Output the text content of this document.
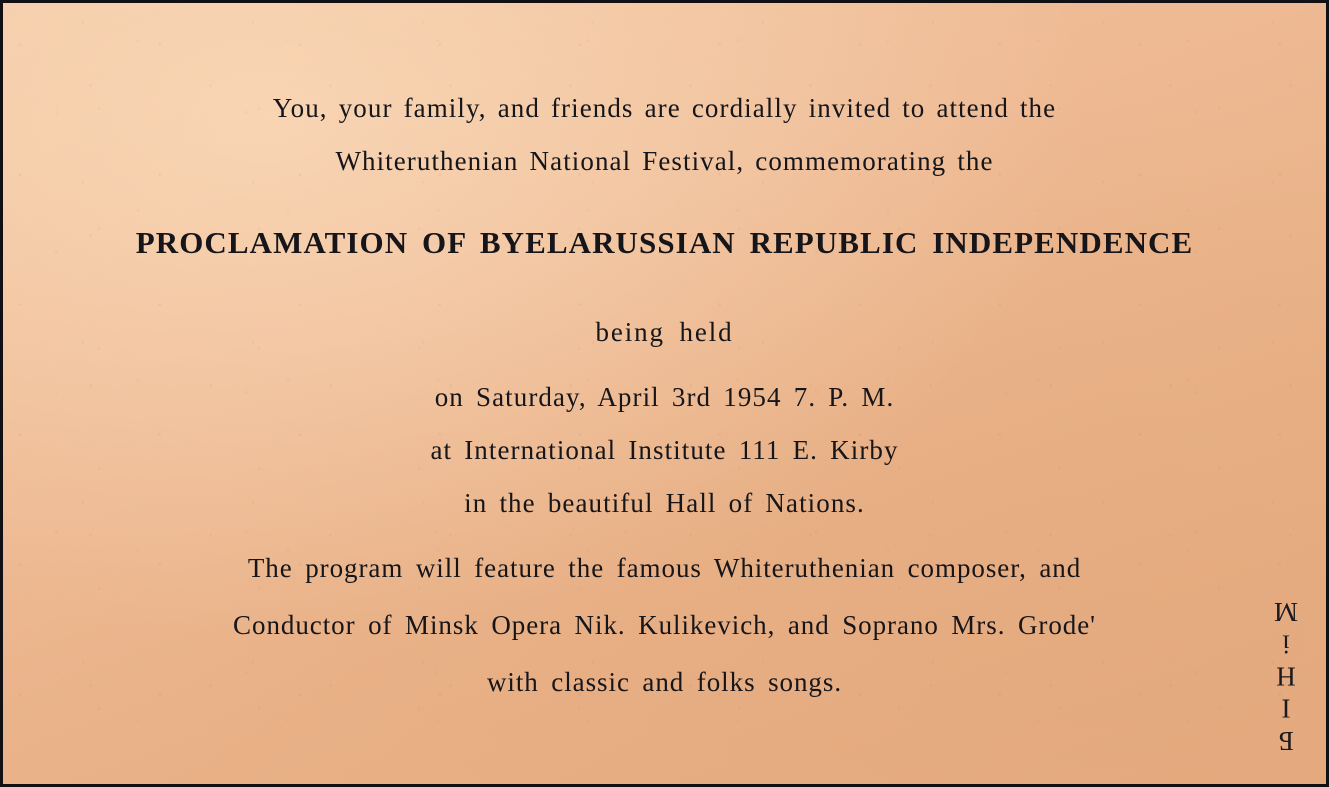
You, your family, and friends are cordially invited to attend the

Whiteruthenian National Festival, commemorating the

PROCLAMATION OF BYELARUSSIAN REPUBLIC INDEPENDENCE

being held

on Saturday, April 3rd 1954 7. P. M.

at International Institute 111 E. Kirby

in the beautiful Hall of Nations.

The program will feature the famous Whiteruthenian composer, and

Conductor of Minsk Opera Nik. Kulikevich, and Soprano Mrs. Grode'

with classic and folks songs.	БІНіМ
